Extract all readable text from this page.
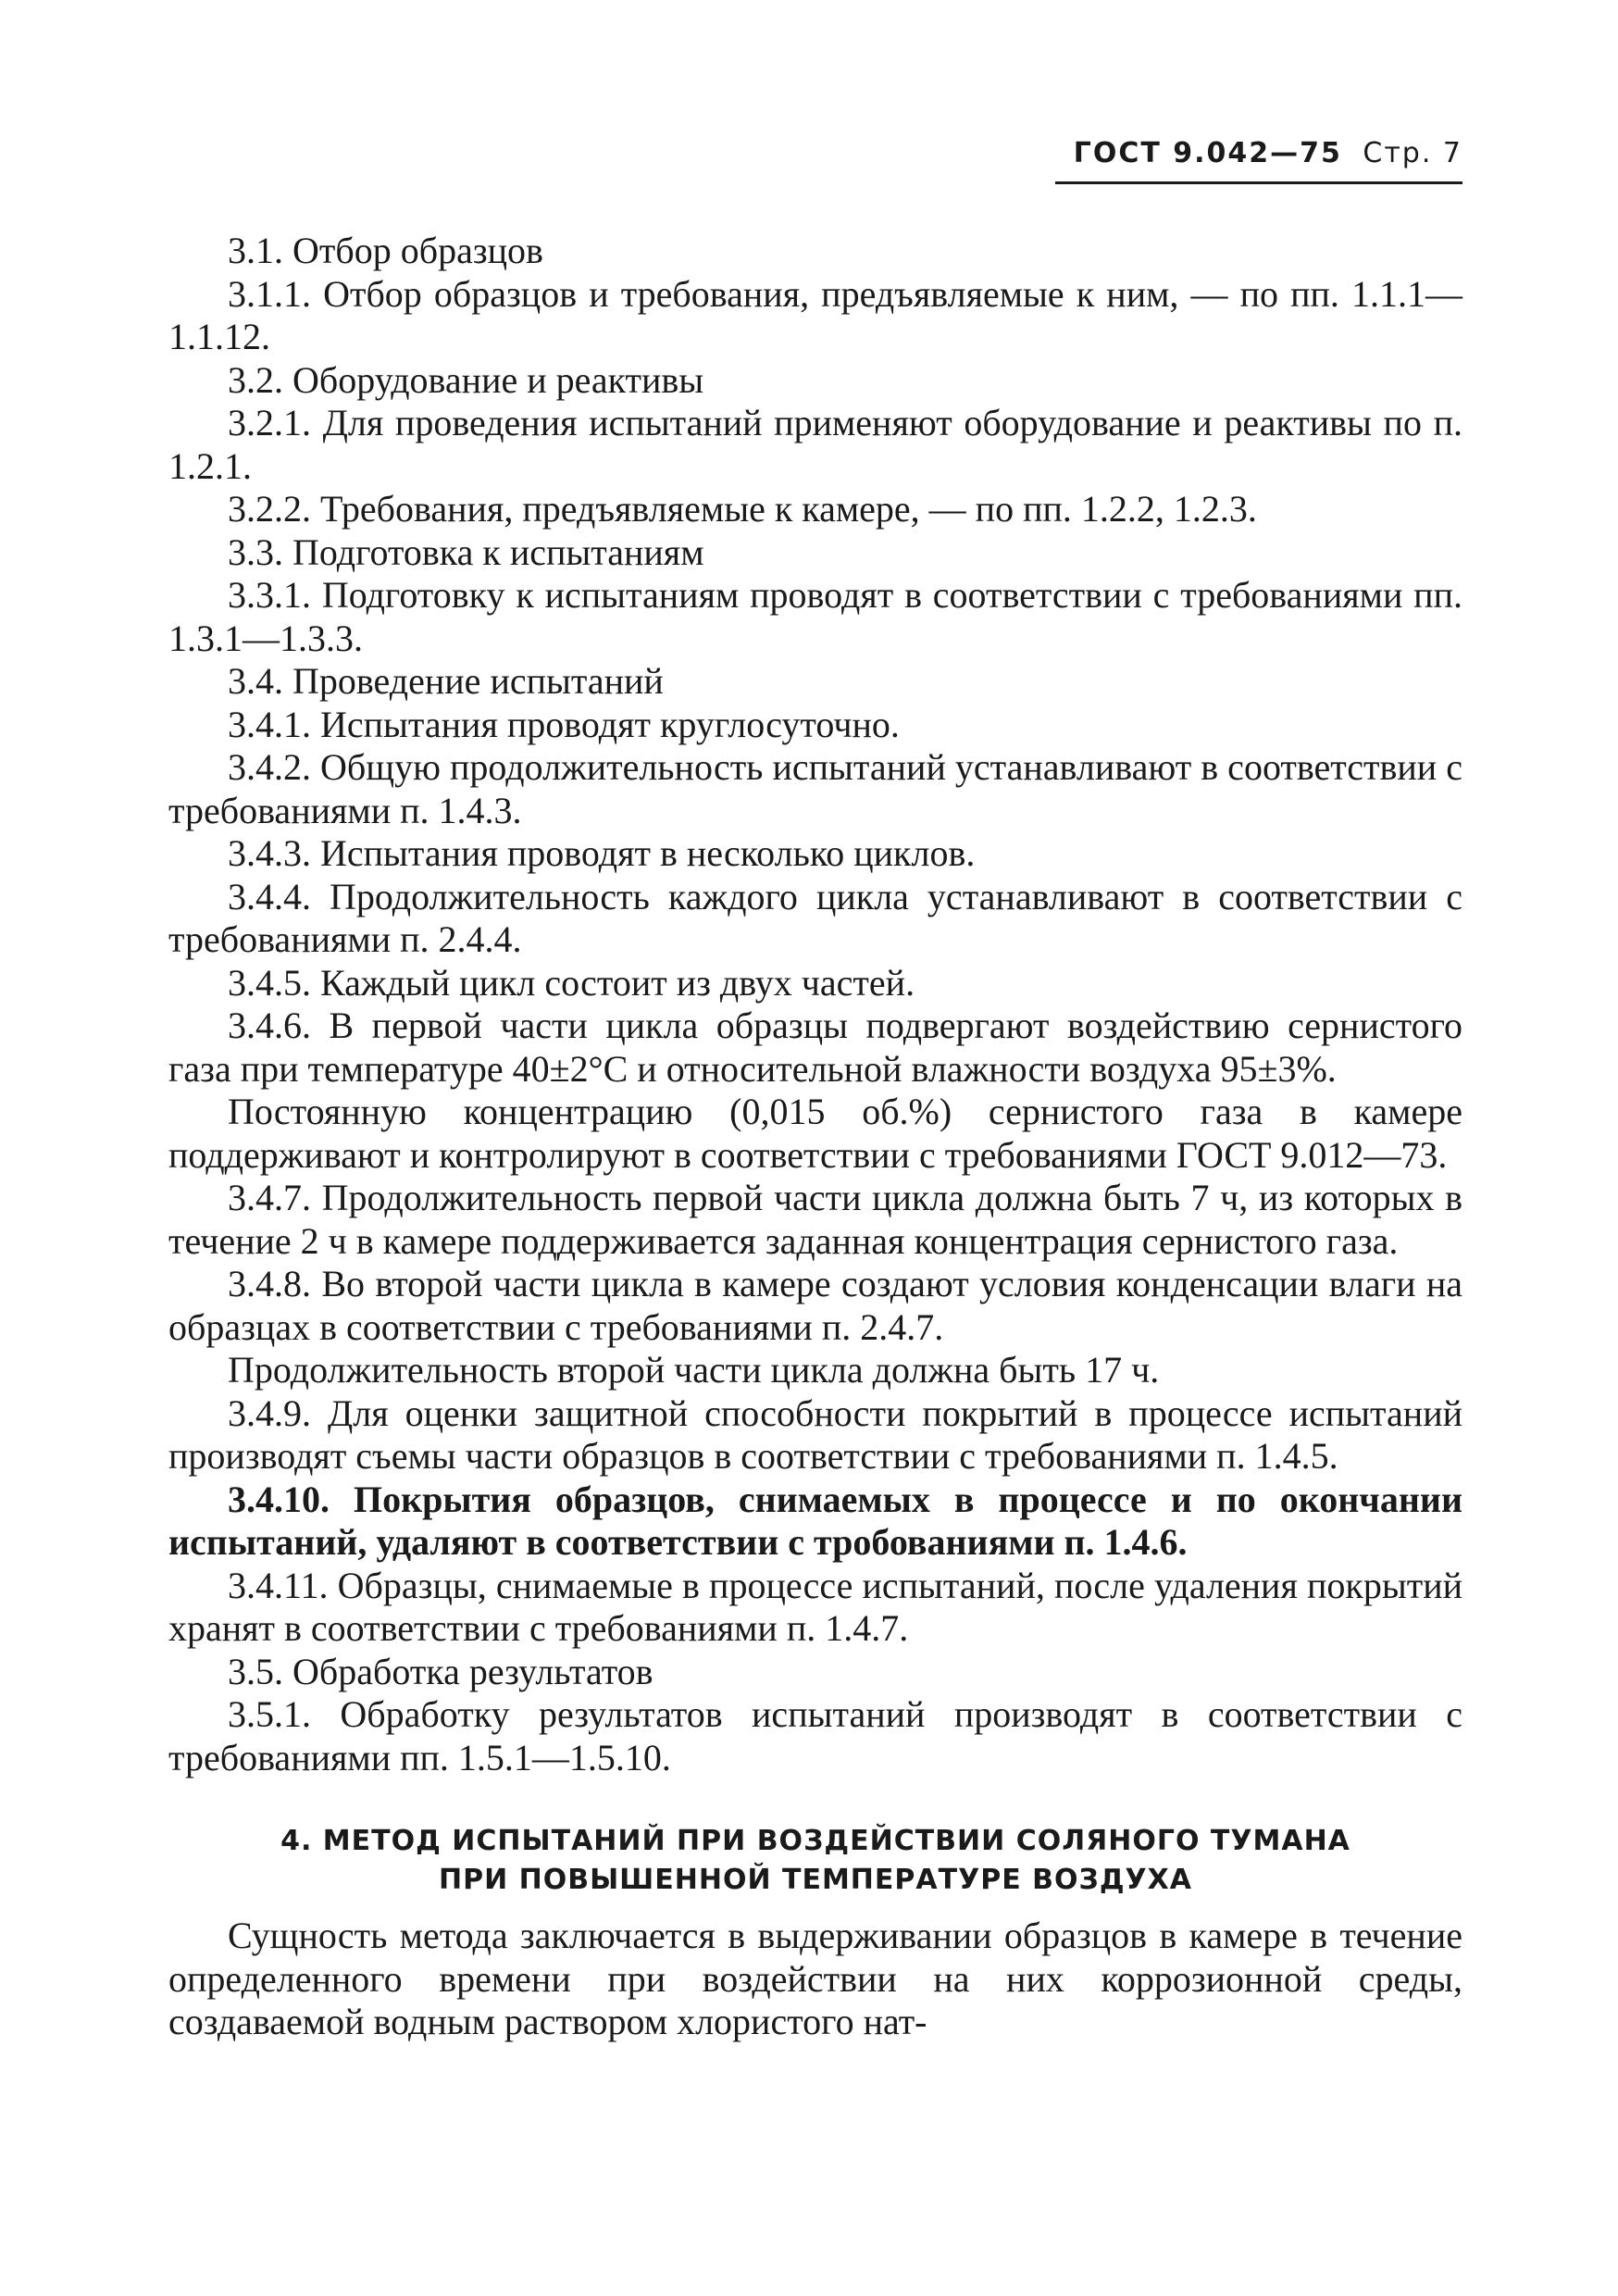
ГОСТ 9.042—75 Стр. 7

3.1. Отбор образцов

3.1.1. Отбор образцов и требования, предъявляемые к ним, — по пп. 1.1.1—1.1.12.

3.2. Оборудование и реактивы

3.2.1. Для проведения испытаний применяют оборудование и реактивы по п. 1.2.1.

3.2.2. Требования, предъявляемые к камере, — по пп. 1.2.2, 1.2.3.

3.3. Подготовка к испытаниям

3.3.1. Подготовку к испытаниям проводят в соответствии с требованиями пп. 1.3.1—1.3.3.

3.4. Проведение испытаний

3.4.1. Испытания проводят круглосуточно.

3.4.2. Общую продолжительность испытаний устанавливают в соответствии с требованиями п. 1.4.3.

3.4.3. Испытания проводят в несколько циклов.

3.4.4. Продолжительность каждого цикла устанавливают в соответствии с требованиями п. 2.4.4.

3.4.5. Каждый цикл состоит из двух частей.

3.4.6. В первой части цикла образцы подвергают воздействию сернистого газа при температуре 40±2°С и относительной влажности воздуха 95±3%.

Постоянную концентрацию (0,015 об.%) сернистого газа в камере поддерживают и контролируют в соответствии с требованиями ГОСТ 9.012—73.

3.4.7. Продолжительность первой части цикла должна быть 7 ч, из которых в течение 2 ч в камере поддерживается заданная концентрация сернистого газа.

3.4.8. Во второй части цикла в камере создают условия конденсации влаги на образцах в соответствии с требованиями п. 2.4.7.

Продолжительность второй части цикла должна быть 17 ч.

3.4.9. Для оценки защитной способности покрытий в процессе испытаний производят съемы части образцов в соответствии с требованиями п. 1.4.5.

3.4.10. Покрытия образцов, снимаемых в процессе и по окончании испытаний, удаляют в соответствии с тробованиями п. 1.4.6.

3.4.11. Образцы, снимаемые в процессе испытаний, после удаления покрытий хранят в соответствии с требованиями п. 1.4.7.

3.5. Обработка результатов

3.5.1. Обработку результатов испытаний производят в соответствии с требованиями пп. 1.5.1—1.5.10.

4. МЕТОД ИСПЫТАНИЙ ПРИ ВОЗДЕЙСТВИИ СОЛЯНОГО ТУМАНА
ПРИ ПОВЫШЕННОЙ ТЕМПЕРАТУРЕ ВОЗДУХА

Сущность метода заключается в выдерживании образцов в камере в течение определенного времени при воздействии на них коррозионной среды, создаваемой водным раствором хлористого нат-
